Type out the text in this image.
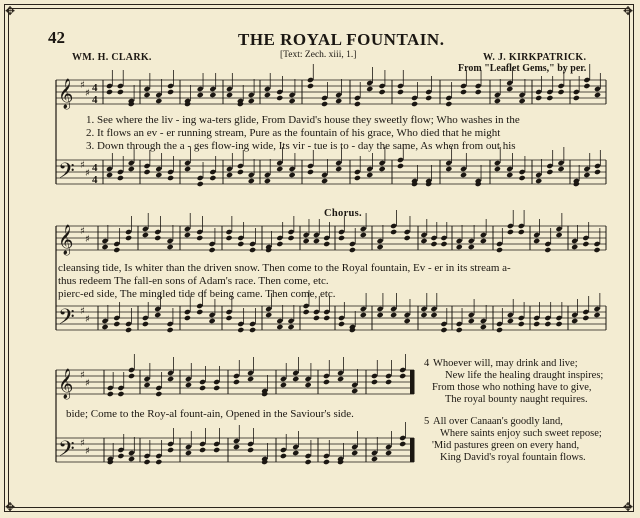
✥	✥
✥	✥
42	THE ROYAL FOUNTAIN.
[Text: Zech. xiii, 1.]
WM. H. CLARK.	W. J. KIRKPATRICK.
From "Leaflet Gems," by per.
𝄞 ♯
♯ 4
4
𝄢 ♯
♯ 4
4
𝄞 ♯
♯
𝄢 ♯
♯
𝄞 ♯
♯
𝄢 ♯
♯
1. See where the liv - ing wa-ters glide, From David's house they sweetly flow; Who washes in the
2. It flows an ev - er running stream, Pure as the fountain of his grace, Who died that he might
3. Down through the a - ges flow-ing wide, Its vir - tue is to - day the same, As when from out his
Chorus.
cleansing tide, Is whiter than the driven snow. Then come to the Royal fountain, Ev - er in its stream a-
thus redeem The fall-en sons of Adam's race. Then come, etc.
pierc-ed side, The mingled tide of being came. Then come, etc.
bide; Come to the Roy-al fount-ain, Opened in the Saviour's side.
4 Whoever will, may drink and live;
New life the healing draught inspires;
From those who nothing have to give,
The royal bounty naught requires.
5 All over Canaan's goodly land,
Where saints enjoy such sweet repose;
'Mid pastures green on every hand,
King David's royal fountain flows.
